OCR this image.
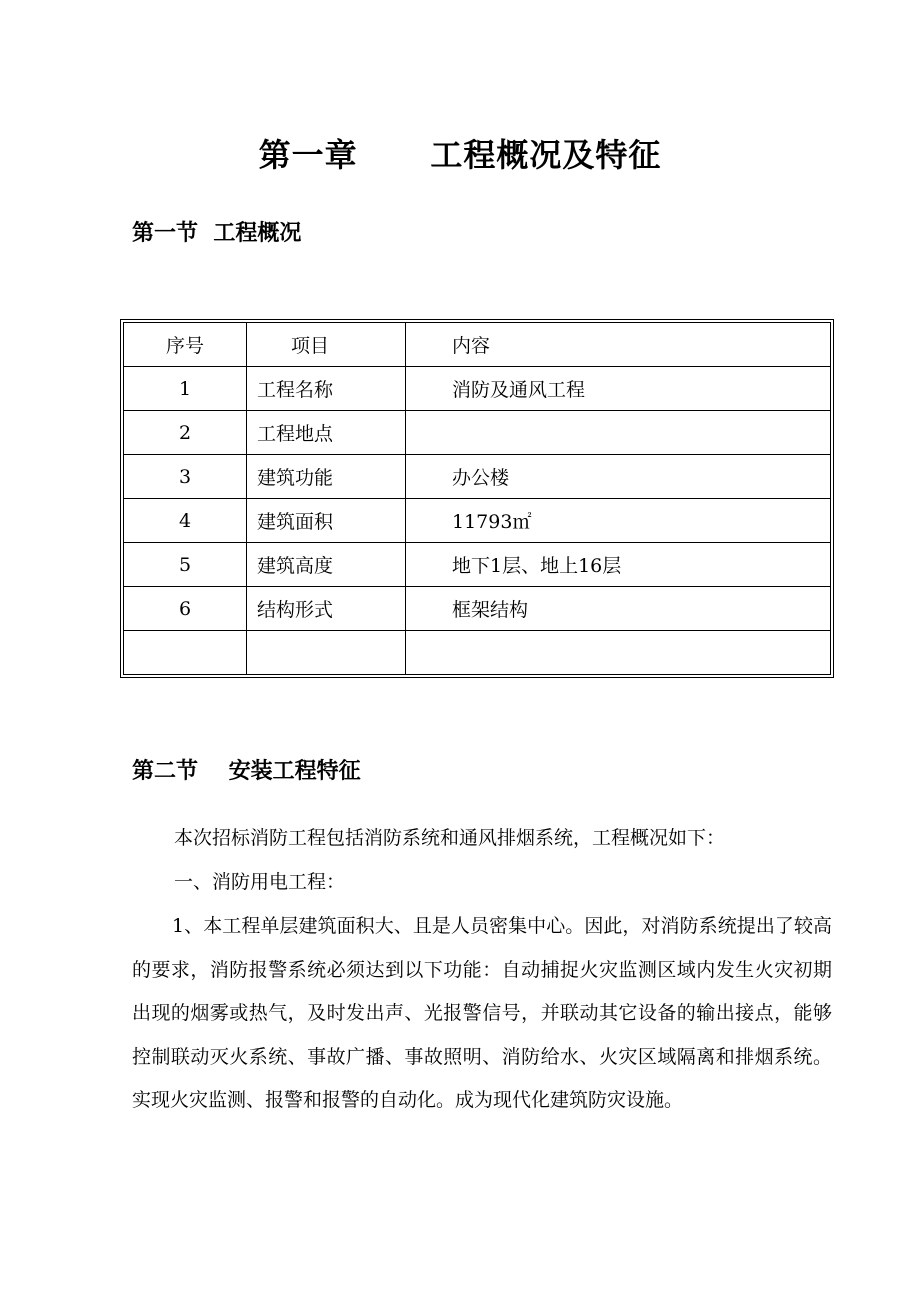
第一章      工程概况及特征
第一节  工程概况
序号	项目	内容
1	工程名称	消防及通风工程
2	工程地点	
3	建筑功能	办公楼
4	建筑面积	11793㎡
5	建筑高度	地下1层、地上16层
6	结构形式	框架结构

第二节    安装工程特征

本次招标消防工程包括消防系统和通风排烟系统，工程概况如下：

一、消防用电工程：

1、本工程单层建筑面积大、且是人员密集中心。因此，对消防系统提出了较高的要求，消防报警系统必须达到以下功能：自动捕捉火灾监测区域内发生火灾初期出现的烟雾或热气，及时发出声、光报警信号，并联动其它设备的输出接点，能够控制联动灭火系统、事故广播、事故照明、消防给水、火灾区域隔离和排烟系统。实现火灾监测、报警和报警的自动化。成为现代化建筑防灾设施。
